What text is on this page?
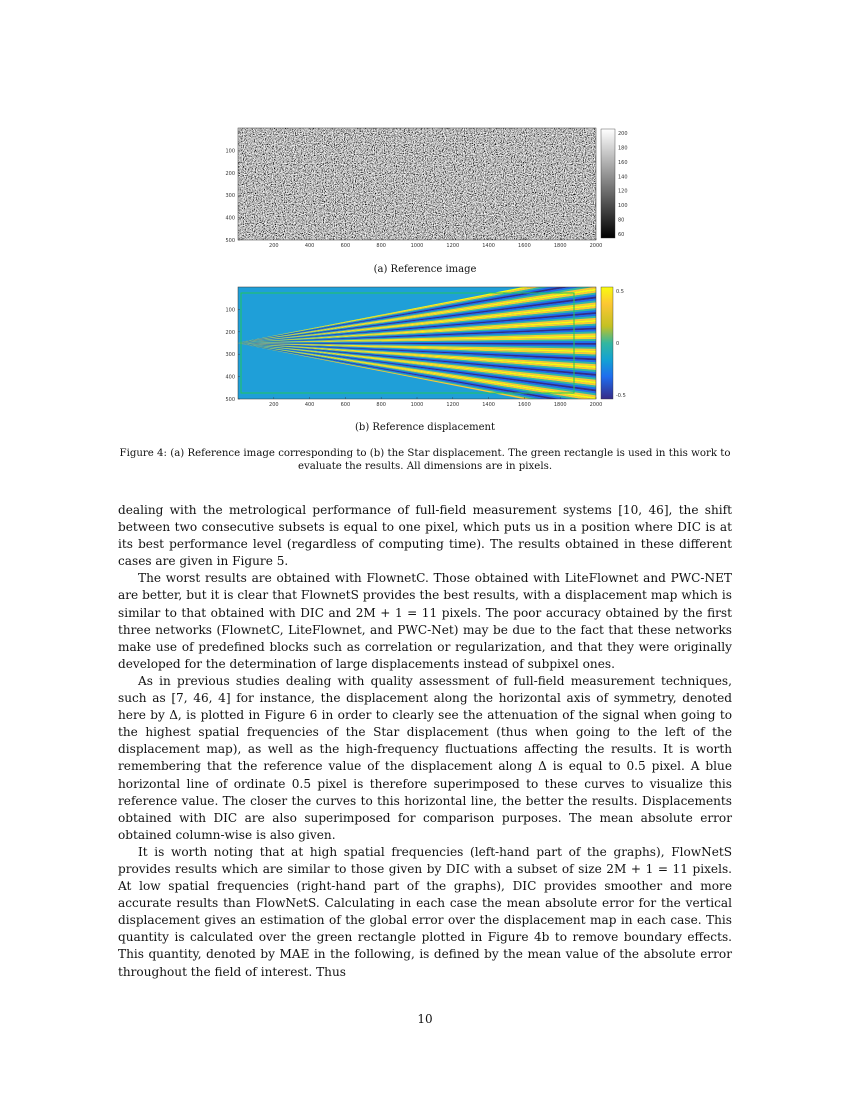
200	400	600	800	1000	1200	1400	1600	1800	2000
100
200
300
400
500
200
180
160
140
120
100
80
60
200	400	600	800	1000	1200	1400	1600	1800	2000
100
200
300
400
500
0.5
0
-0.5
(a) Reference image
(b) Reference displacement
Figure 4: (a) Reference image corresponding to (b) the Star displacement. The green rectangle is used in this work to evaluate the results. All dimensions are in pixels.

dealing with the metrological performance of full-field measurement systems [10, 46], the shift between two consecutive subsets is equal to one pixel, which puts us in a position where DIC is at its best performance level (regardless of computing time). The results obtained in these different cases are given in Figure 5.

The worst results are obtained with FlownetC. Those obtained with LiteFlownet and PWC-NET are better, but it is clear that FlownetS provides the best results, with a displacement map which is similar to that obtained with DIC and 2M + 1 = 11 pixels. The poor accuracy obtained by the first three networks (FlownetC, LiteFlownet, and PWC-Net) may be due to the fact that these networks make use of predefined blocks such as correlation or regularization, and that they were originally developed for the determination of large displacements instead of subpixel ones.

As in previous studies dealing with quality assessment of full-field measurement techniques, such as [7, 46, 4] for instance, the displacement along the horizontal axis of symmetry, denoted here by Δ, is plotted in Figure 6 in order to clearly see the attenuation of the signal when going to the highest spatial frequencies of the Star displacement (thus when going to the left of the displacement map), as well as the high-frequency fluctuations affecting the results. It is worth remembering that the reference value of the displacement along Δ is equal to 0.5 pixel. A blue horizontal line of ordinate 0.5 pixel is therefore superimposed to these curves to visualize this reference value. The closer the curves to this horizontal line, the better the results. Displacements obtained with DIC are also superimposed for comparison purposes. The mean absolute error obtained column-wise is also given.

It is worth noting that at high spatial frequencies (left-hand part of the graphs), FlowNetS provides results which are similar to those given by DIC with a subset of size 2M + 1 = 11 pixels. At low spatial frequencies (right-hand part of the graphs), DIC provides smoother and more accurate results than FlowNetS. Calculating in each case the mean absolute error for the vertical displacement gives an estimation of the global error over the displacement map in each case. This quantity is calculated over the green rectangle plotted in Figure 4b to remove boundary effects. This quantity, denoted by MAE in the following, is defined by the mean value of the absolute error throughout the field of interest. Thus

10
